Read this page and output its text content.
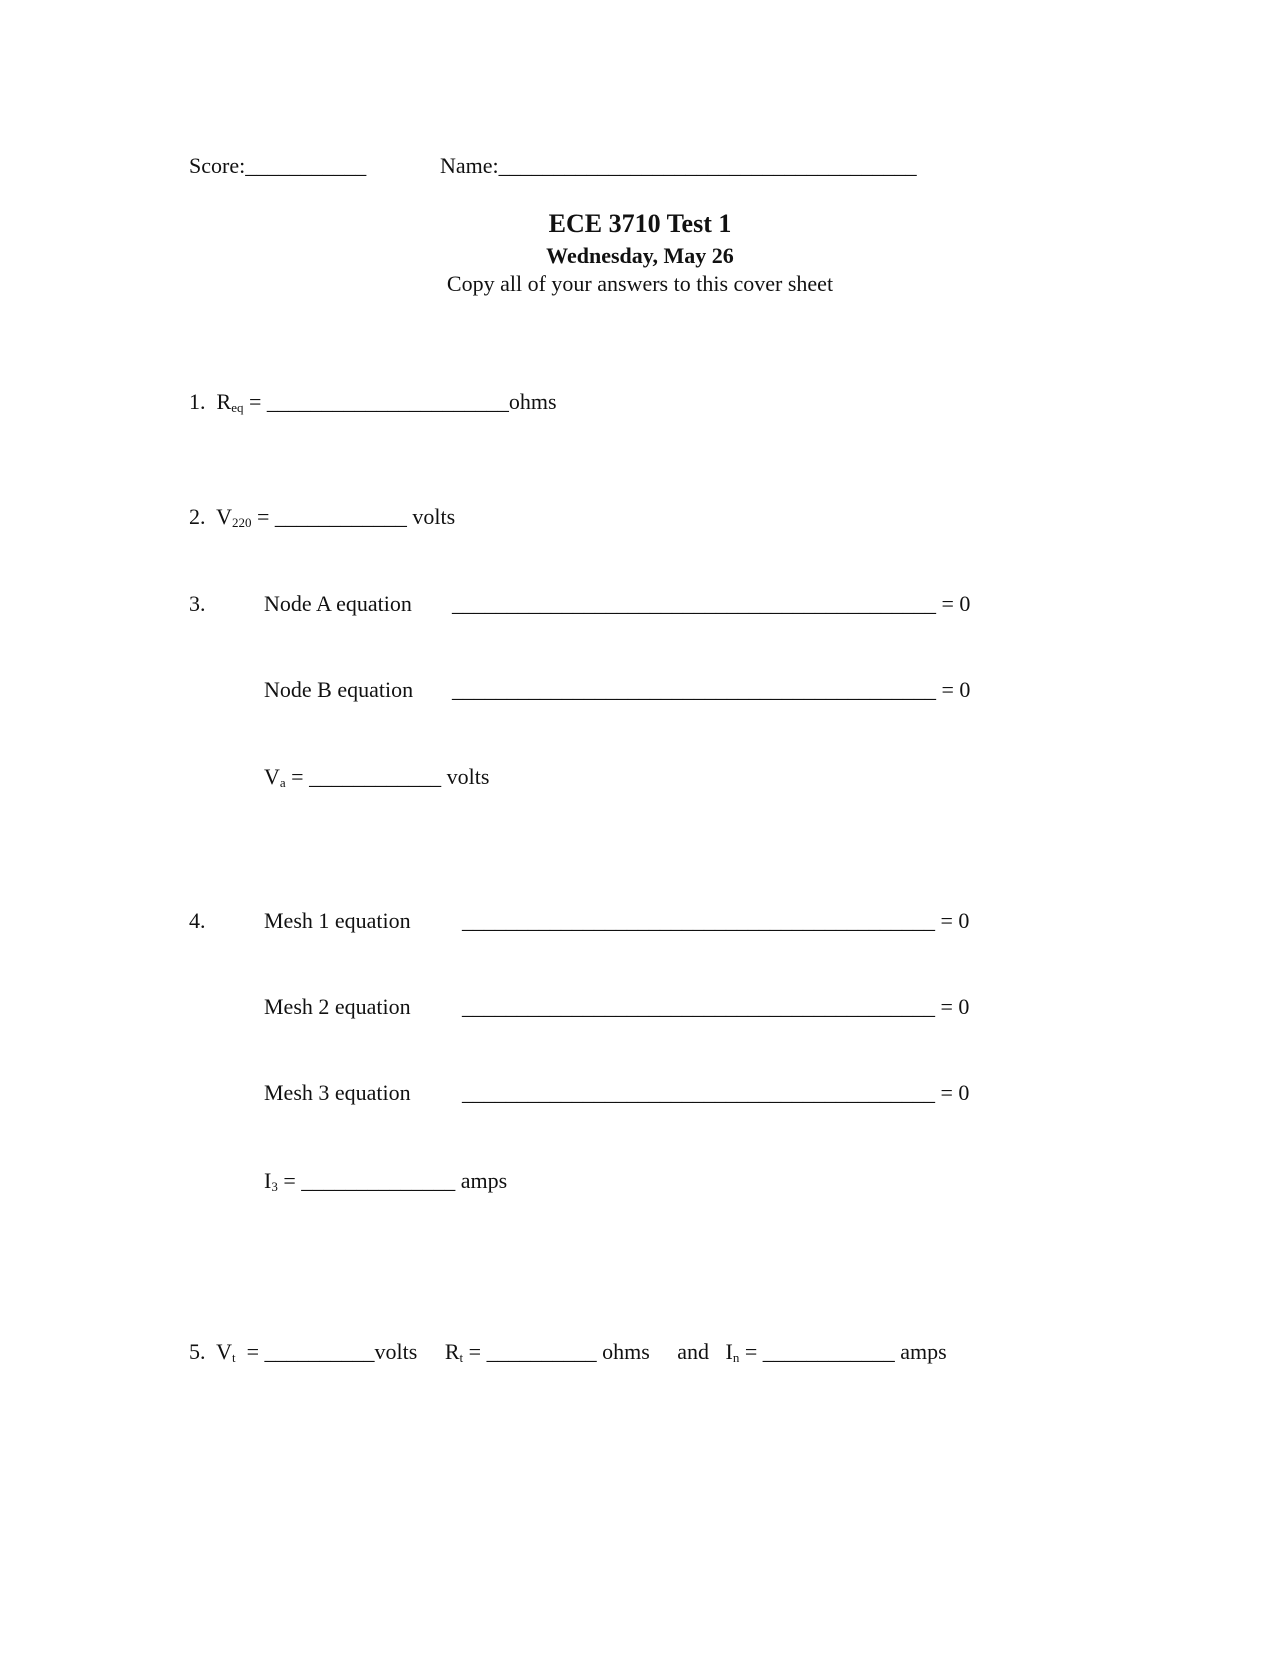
Score:___________	Name:______________________________________
ECE 3710 Test 1
Wednesday, May 26
Copy all of your answers to this cover sheet

1. $R_{eq}$ = ______________________ohms

2. $V_{220}$ = ____________ volts
3.	Node A equation ____________________________________________ = 0
Node B equation ____________________________________________ = 0
$V_a$ = ____________ volts
4.	Mesh 1 equation ___________________________________________ = 0
Mesh 2 equation ___________________________________________ = 0
Mesh 3 equation ___________________________________________ = 0
$I_3$ = ______________ amps

5. $V_t$  = __________volts $R_t$ = __________ ohms and $I_n$ = ____________ amps
